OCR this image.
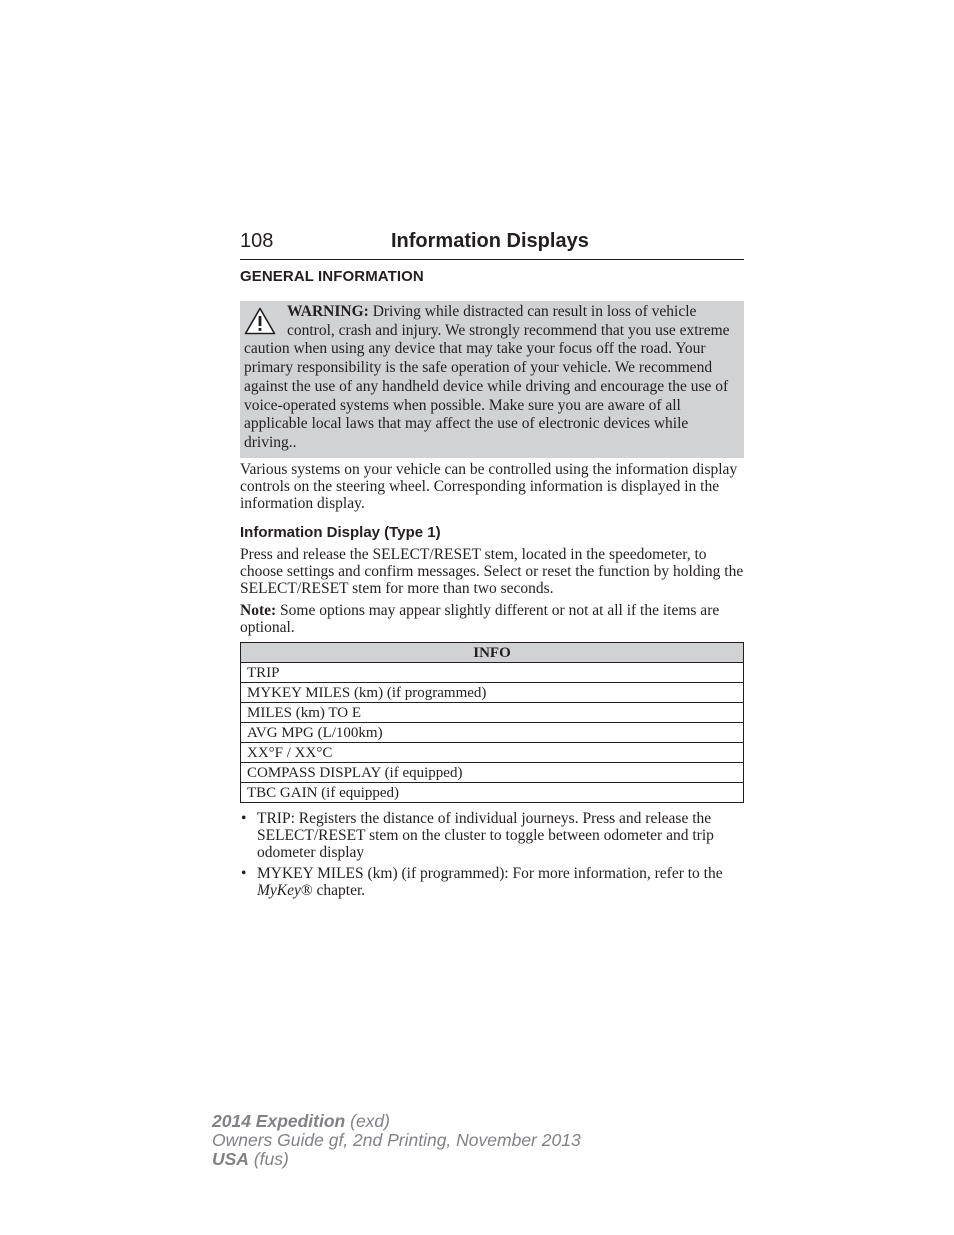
108	Information Displays
GENERAL INFORMATION
WARNING: Driving while distracted can result in loss of vehicle control, crash and injury. We strongly recommend that you use extreme caution when using any device that may take your focus off the road. Your primary responsibility is the safe operation of your vehicle. We recommend against the use of any handheld device while driving and encourage the use of voice-operated systems when possible. Make sure you are aware of all applicable local laws that may affect the use of electronic devices while driving..
Various systems on your vehicle can be controlled using the information display controls on the steering wheel. Corresponding information is displayed in the information display.
Information Display (Type 1)
Press and release the SELECT/RESET stem, located in the speedometer, to choose settings and confirm messages. Select or reset the function by holding the SELECT/RESET stem for more than two seconds.
Note: Some options may appear slightly different or not at all if the items are optional.
INFO
TRIP
MYKEY MILES (km) (if programmed)
MILES (km) TO E
AVG MPG (L/100km)
XX°F / XX°C
COMPASS DISPLAY (if equipped)
TBC GAIN (if equipped)
• TRIP: Registers the distance of individual journeys. Press and release the SELECT/RESET stem on the cluster to toggle between odometer and trip odometer display
• MYKEY MILES (km) (if programmed): For more information, refer to the MyKey® chapter.
2014 Expedition (exd)
Owners Guide gf, 2nd Printing, November 2013
USA (fus)
